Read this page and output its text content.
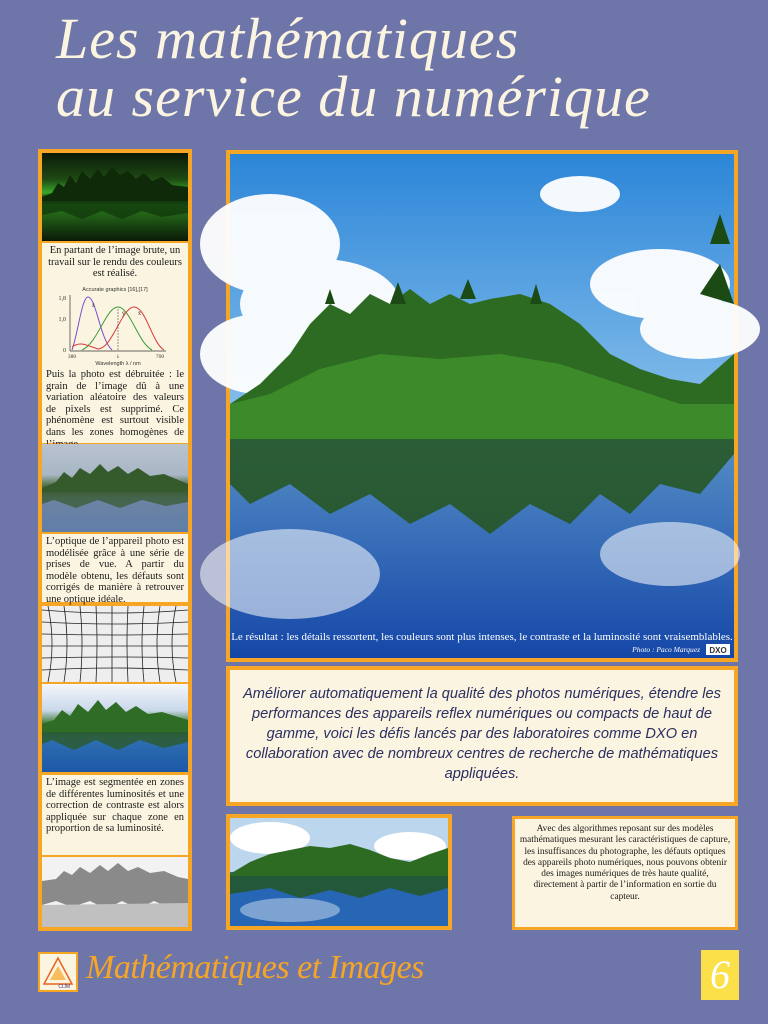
Les mathématiques
au service du numérique
En partant de l’image brute, un travail sur le rendu des couleurs est réalisé.
Accurate graphics [16],[17]
1,8
1,0
0
z̄
ȳ x̄
380	λ	700
Wavelength λ / nm
Puis la photo est débruitée : le grain de l’image dû à une variation aléatoire des valeurs de pixels est supprimé. Ce phénomène est surtout visible dans les zones homogènes de
L’optique de l’appareil photo est modélisée grâce à une série de prises de vue. A partir du modèle obtenu, les défauts sont corrigés de manière à retrouver une optique idéale.
L’image est segmentée en zones de différentes luminosités et une correction de contraste est alors appliquée sur chaque zone en proportion de sa luminosité.
Le résultat : les détails ressortent, les couleurs sont plus intenses, le contraste et la luminosité sont vraisemblables.
Photo : Paco Marquez DXO
Améliorer automatiquement la qualité des photos numériques, étendre les performances des appareils reflex numériques ou compacts de haut de gamme, voici les défis lancés par des laboratoires comme DXO en collaboration avec de nombreux centres de recherche de mathématiques appliquées.
Avec des algorithmes reposant sur des modèles mathématiques mesurant les caractéristiques de capture, les insuffisances du photographe, les défauts optiques des appareils photo numériques, nous pouvons obtenir des images numériques de très haute qualité, directement à partir de l’information en sortie du capteur.
CIJM
Mathématiques et Images	6
